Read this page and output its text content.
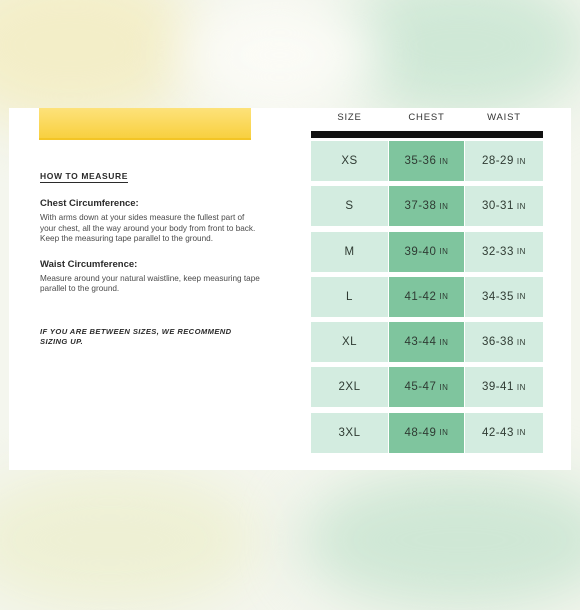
HOW TO MEASURE
Chest Circumference:

With arms down at your sides measure the fullest part of your chest, all the way around your body from front to back. Keep the measuring tape parallel to the ground.

Waist Circumference:

Measure around your natural waistline, keep measuring tape parallel to the ground.

IF YOU ARE BETWEEN SIZES, WE RECOMMEND SIZING UP.
SIZE	CHEST	WAIST
XS	35-36 IN	28-29 IN
S	37-38 IN	30-31 IN
M	39-40 IN	32-33 IN
L	41-42 IN	34-35 IN
XL	43-44 IN	36-38 IN
2XL	45-47 IN	39-41 IN
3XL	48-49 IN	42-43 IN
